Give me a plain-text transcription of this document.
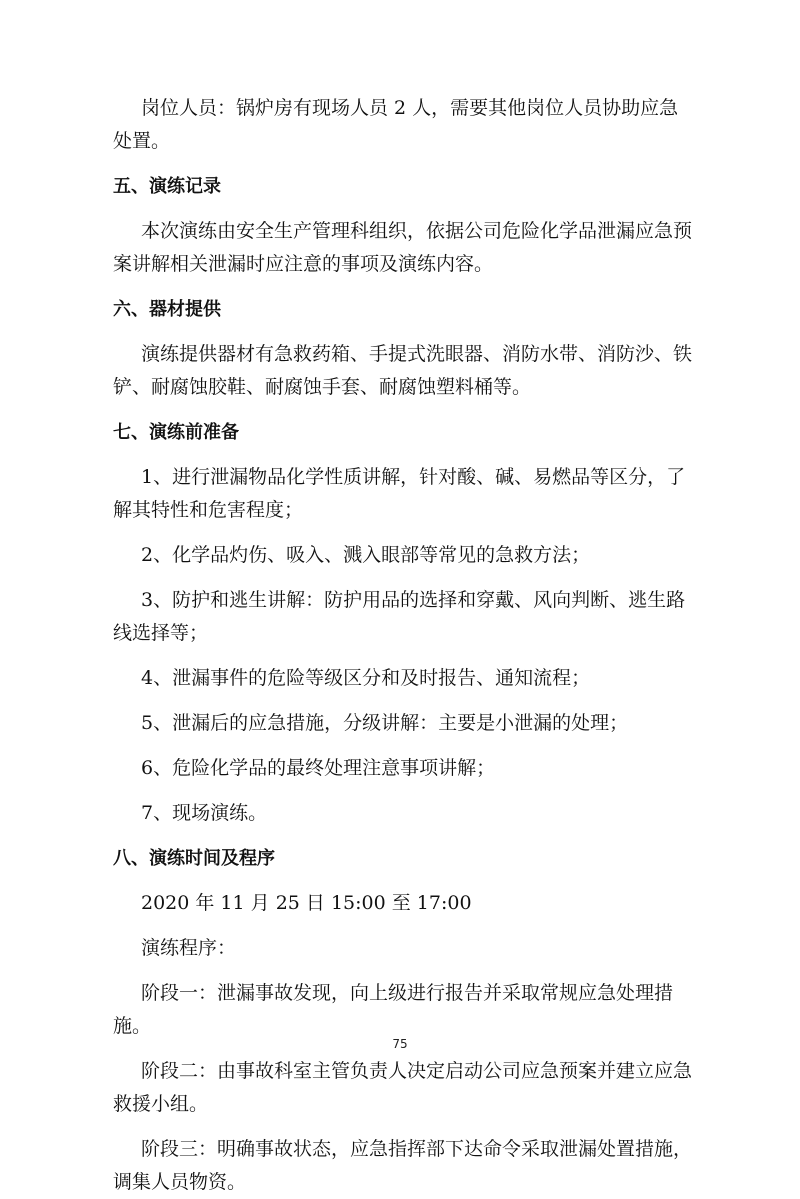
岗位人员：锅炉房有现场人员 2 人，需要其他岗位人员协助应急处置。

五、演练记录

本次演练由安全生产管理科组织，依据公司危险化学品泄漏应急预案讲解相关泄漏时应注意的事项及演练内容。

六、器材提供

演练提供器材有急救药箱、手提式洗眼器、消防水带、消防沙、铁铲、耐腐蚀胶鞋、耐腐蚀手套、耐腐蚀塑料桶等。

七、演练前准备

1、进行泄漏物品化学性质讲解，针对酸、碱、易燃品等区分，了解其特性和危害程度；

2、化学品灼伤、吸入、溅入眼部等常见的急救方法；

3、防护和逃生讲解：防护用品的选择和穿戴、风向判断、逃生路线选择等；

4、泄漏事件的危险等级区分和及时报告、通知流程；

5、泄漏后的应急措施，分级讲解：主要是小泄漏的处理；

6、危险化学品的最终处理注意事项讲解；

7、现场演练。

八、演练时间及程序

2020 年 11 月 25 日 15:00 至 17:00

演练程序：

阶段一：泄漏事故发现，向上级进行报告并采取常规应急处理措施。

阶段二：由事故科室主管负责人决定启动公司应急预案并建立应急救援小组。

阶段三：明确事故状态，应急指挥部下达命令采取泄漏处置措施，调集人员物资。

75
